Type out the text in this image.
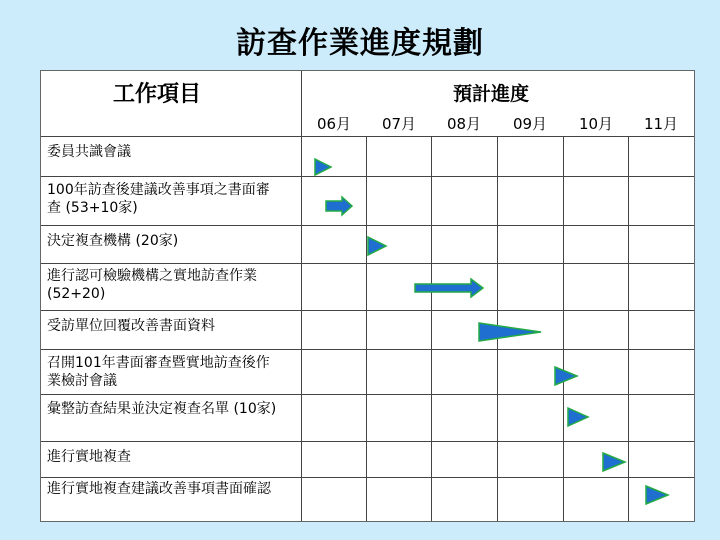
訪查作業進度規劃
工作項目	預計進度
06月	07月	08月	09月	10月	11月
委員共識會議
100年訪查後建議改善事項之書面審查 (53+10家)
決定複查機構 (20家)
進行認可檢驗機構之實地訪查作業 (52+20)
受訪單位回覆改善書面資料
召開101年書面審查暨實地訪查後作業檢討會議
彙整訪查結果並決定複查名單 (10家)
進行實地複查
進行實地複查建議改善事項書面確認
